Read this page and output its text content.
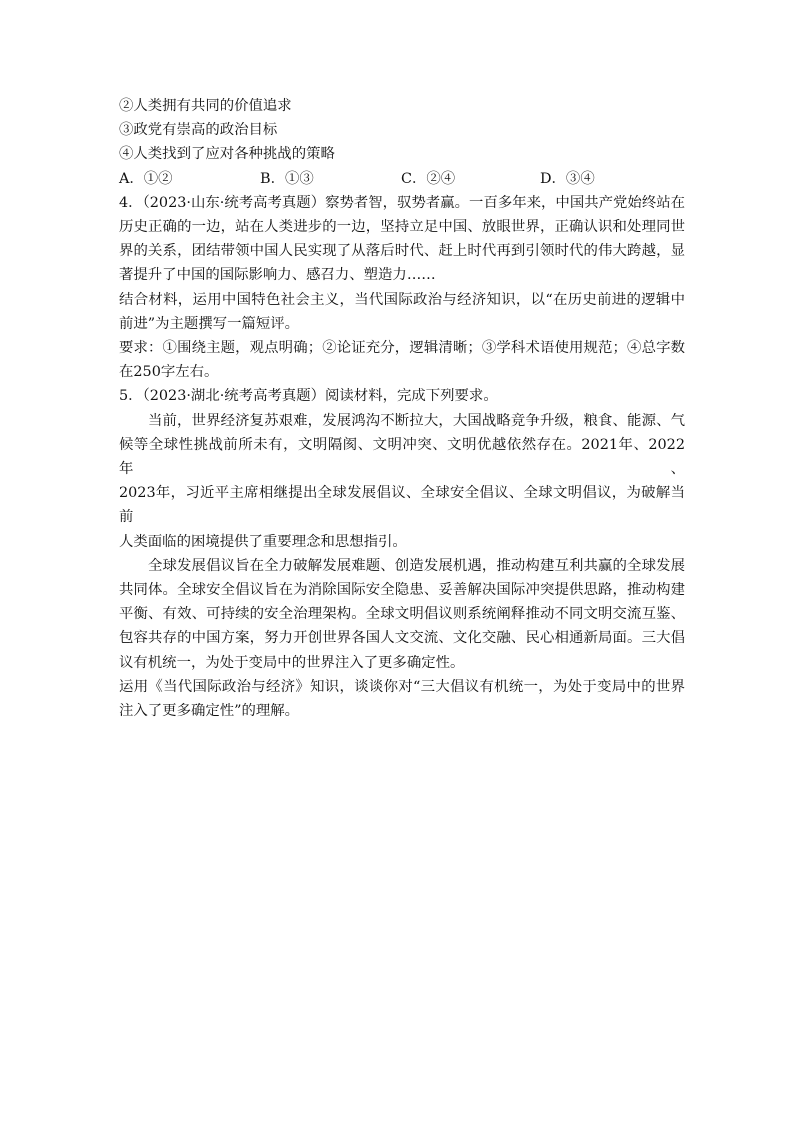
②人类拥有共同的价值追求
③政党有崇高的政治目标
④人类找到了应对各种挑战的策略
A．①②	B．①③	C．②④	D．③④
4．（2023·山东·统考高考真题）察势者智，驭势者赢。一百多年来，中国共产党始终站在
历史正确的一边，站在人类进步的一边，坚持立足中国、放眼世界，正确认识和处理同世
界的关系，团结带领中国人民实现了从落后时代、赶上时代再到引领时代的伟大跨越，显
著提升了中国的国际影响力、感召力、塑造力……
结合材料，运用中国特色社会主义，当代国际政治与经济知识，以“在历史前进的逻辑中
前进”为主题撰写一篇短评。
要求：①围绕主题，观点明确；②论证充分，逻辑清晰；③学科术语使用规范；④总字数
在250字左右。
5．（2023·湖北·统考高考真题）阅读材料，完成下列要求。
当前，世界经济复苏艰难，发展鸿沟不断拉大，大国战略竞争升级，粮食、能源、气
候等全球性挑战前所未有，文明隔阂、文明冲突、文明优越依然存在。2021年、2022年、
2023年，习近平主席相继提出全球发展倡议、全球安全倡议、全球文明倡议，为破解当前
人类面临的困境提供了重要理念和思想指引。
全球发展倡议旨在全力破解发展难题、创造发展机遇，推动构建互利共赢的全球发展
共同体。全球安全倡议旨在为消除国际安全隐患、妥善解决国际冲突提供思路，推动构建
平衡、有效、可持续的安全治理架构。全球文明倡议则系统阐释推动不同文明交流互鉴、
包容共存的中国方案，努力开创世界各国人文交流、文化交融、民心相通新局面。三大倡
议有机统一，为处于变局中的世界注入了更多确定性。
运用《当代国际政治与经济》知识，谈谈你对“三大倡议有机统一，为处于变局中的世界
注入了更多确定性”的理解。
